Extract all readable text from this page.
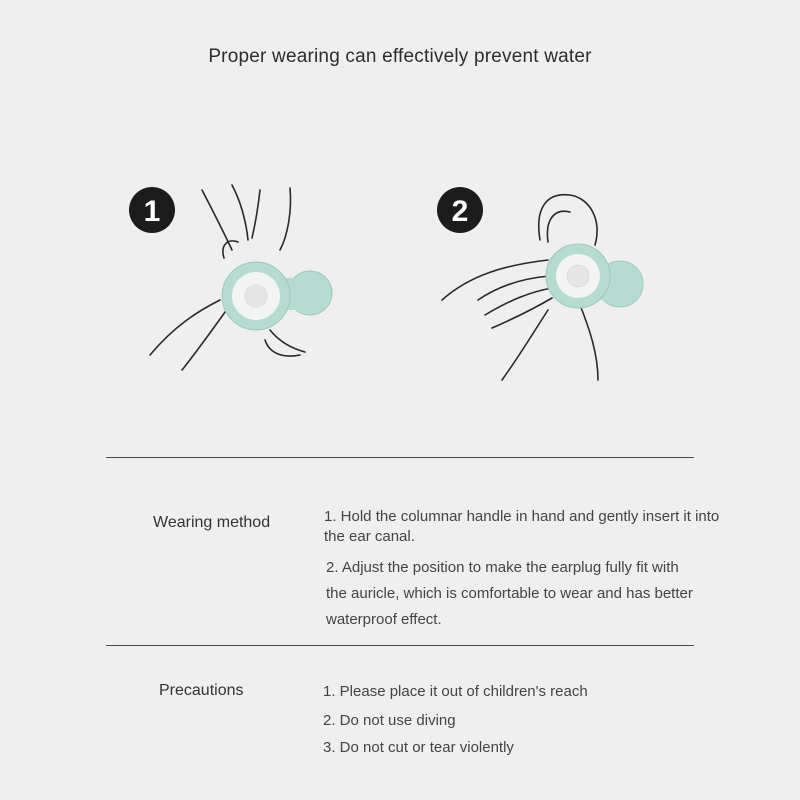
Proper wearing can effectively prevent water
1	2
Wearing method	1. Hold the columnar handle in hand and gently insert it into the ear canal.
2. Adjust the position to make the earplug fully fit with the auricle, which is comfortable to wear and has better waterproof effect.
Precautions	1. Please place it out of children's reach
2. Do not use diving
3. Do not cut or tear violently
